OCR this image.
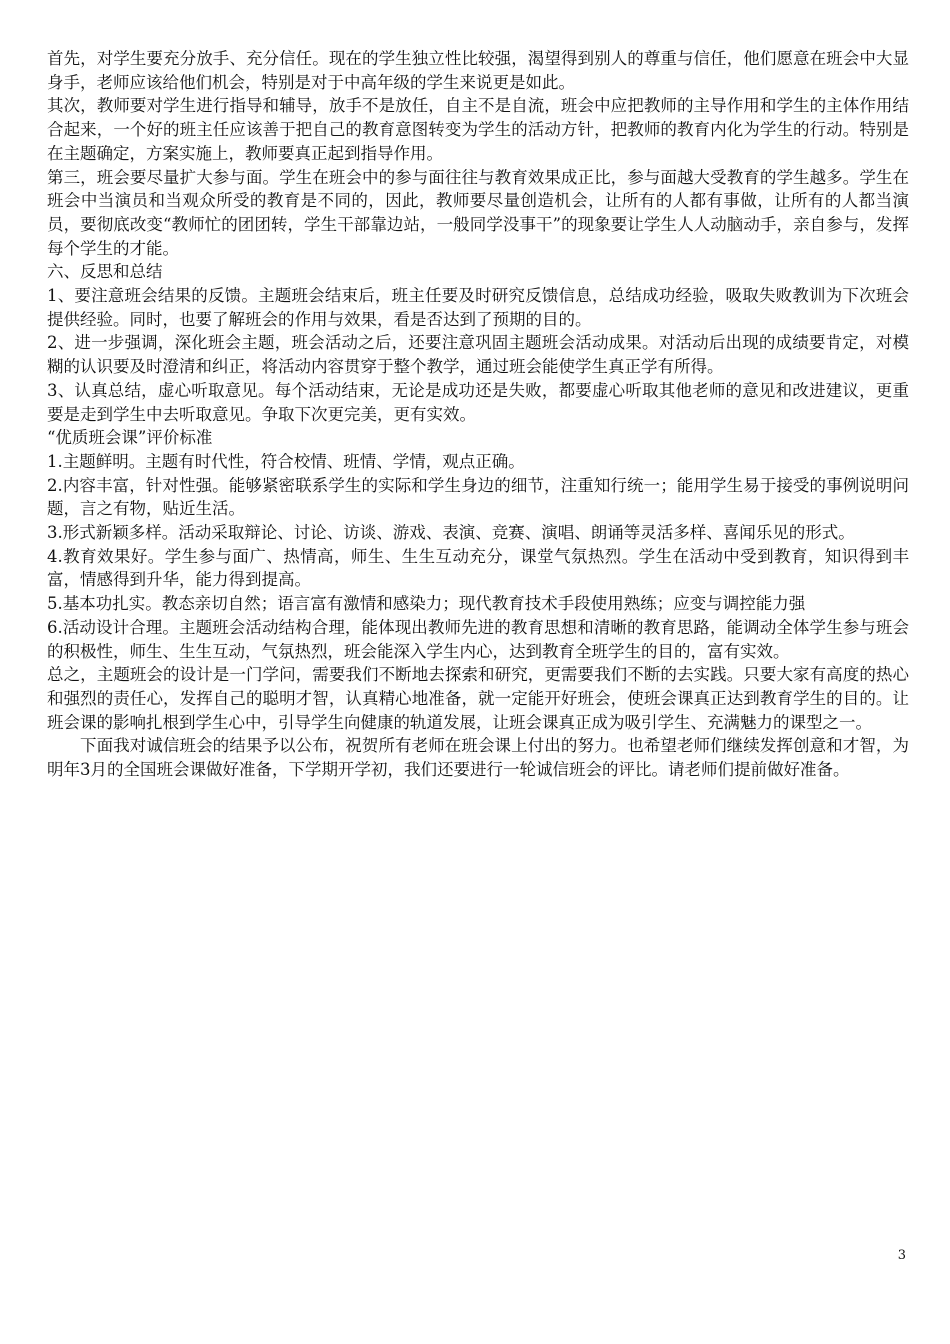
首先，对学生要充分放手、充分信任。现在的学生独立性比较强，渴望得到别人的尊重与信任，他们愿意在班会中大显身手，老师应该给他们机会，特别是对于中高年级的学生来说更是如此。

其次，教师要对学生进行指导和辅导，放手不是放任，自主不是自流，班会中应把教师的主导作用和学生的主体作用结合起来，一个好的班主任应该善于把自己的教育意图转变为学生的活动方针，把教师的教育内化为学生的行动。特别是在主题确定，方案实施上，教师要真正起到指导作用。

第三，班会要尽量扩大参与面。学生在班会中的参与面往往与教育效果成正比，参与面越大受教育的学生越多。学生在班会中当演员和当观众所受的教育是不同的，因此，教师要尽量创造机会，让所有的人都有事做，让所有的人都当演员，要彻底改变“教师忙的团团转，学生干部靠边站，一般同学没事干”的现象要让学生人人动脑动手，亲自参与，发挥每个学生的才能。

六、反思和总结

1、要注意班会结果的反馈。主题班会结束后，班主任要及时研究反馈信息，总结成功经验，吸取失败教训为下次班会提供经验。同时，也要了解班会的作用与效果，看是否达到了预期的目的。

2、进一步强调，深化班会主题，班会活动之后，还要注意巩固主题班会活动成果。对活动后出现的成绩要肯定，对模糊的认识要及时澄清和纠正，将活动内容贯穿于整个教学，通过班会能使学生真正学有所得。

3、认真总结，虚心听取意见。每个活动结束，无论是成功还是失败，都要虚心听取其他老师的意见和改进建议，更重要是走到学生中去听取意见。争取下次更完美，更有实效。

“优质班会课”评价标准

1.主题鲜明。主题有时代性，符合校情、班情、学情，观点正确。

2.内容丰富，针对性强。能够紧密联系学生的实际和学生身边的细节，注重知行统一；能用学生易于接受的事例说明问题，言之有物，贴近生活。

3.形式新颖多样。活动采取辩论、讨论、访谈、游戏、表演、竞赛、演唱、朗诵等灵活多样、喜闻乐见的形式。

4.教育效果好。学生参与面广、热情高，师生、生生互动充分，课堂气氛热烈。学生在活动中受到教育，知识得到丰富，情感得到升华，能力得到提高。

5.基本功扎实。教态亲切自然；语言富有激情和感染力；现代教育技术手段使用熟练；应变与调控能力强

6.活动设计合理。主题班会活动结构合理，能体现出教师先进的教育思想和清晰的教育思路，能调动全体学生参与班会的积极性，师生、生生互动，气氛热烈，班会能深入学生内心，达到教育全班学生的目的，富有实效。

总之，主题班会的设计是一门学问，需要我们不断地去探索和研究，更需要我们不断的去实践。只要大家有高度的热心和强烈的责任心，发挥自己的聪明才智，认真精心地准备，就一定能开好班会，使班会课真正达到教育学生的目的。让班会课的影响扎根到学生心中，引导学生向健康的轨道发展，让班会课真正成为吸引学生、充满魅力的课型之一。

下面我对诚信班会的结果予以公布，祝贺所有老师在班会课上付出的努力。也希望老师们继续发挥创意和才智，为明年3月的全国班会课做好准备，下学期开学初，我们还要进行一轮诚信班会的评比。请老师们提前做好准备。

3
